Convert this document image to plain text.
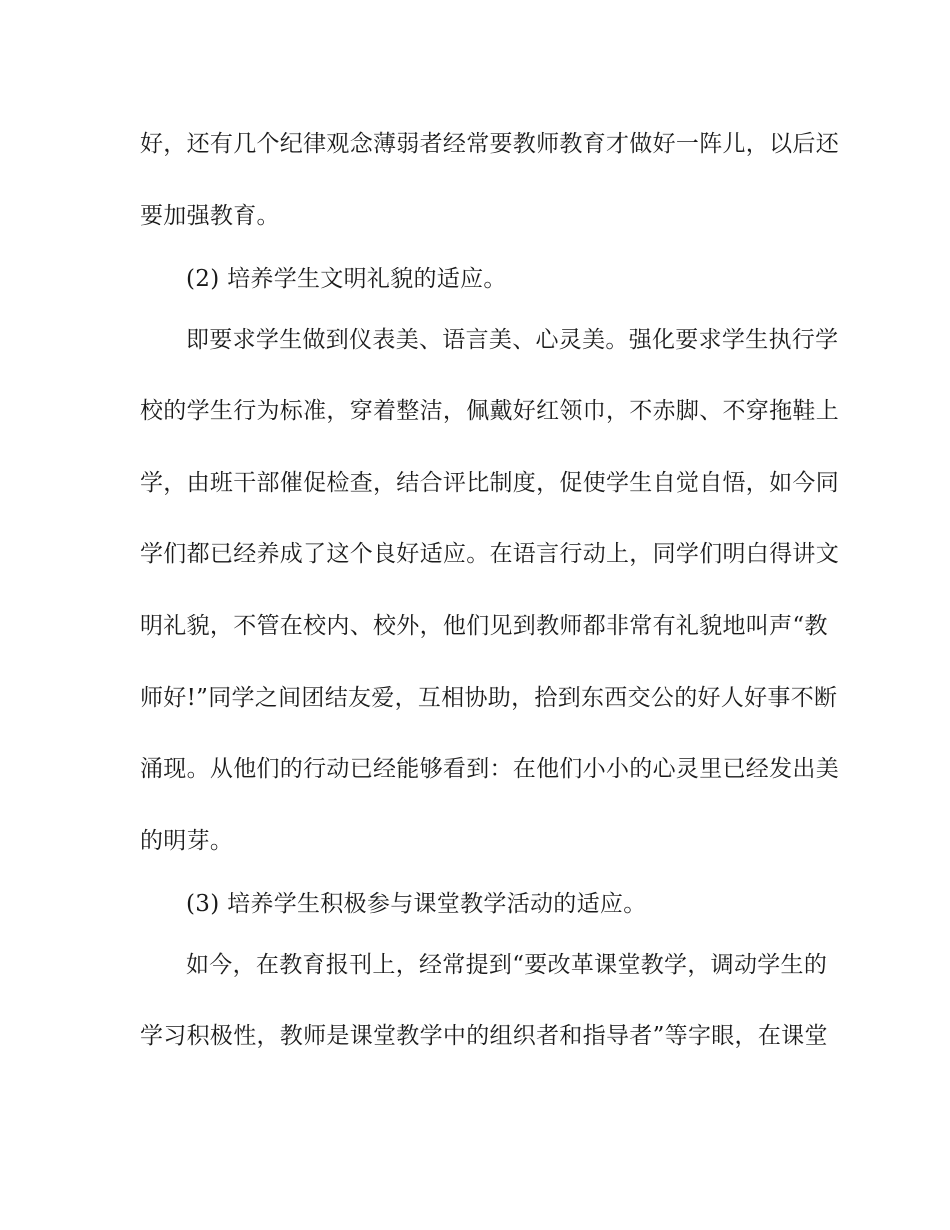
好，还有几个纪律观念薄弱者经常要教师教育才做好一阵儿，以后还
要加强教育。
(2) 培养学生文明礼貌的适应。
即要求学生做到仪表美、语言美、心灵美。强化要求学生执行学
校的学生行为标准，穿着整洁，佩戴好红领巾，不赤脚、不穿拖鞋上
学，由班干部催促检查，结合评比制度，促使学生自觉自悟，如今同
学们都已经养成了这个良好适应。在语言行动上，同学们明白得讲文
明礼貌，不管在校内、校外，他们见到教师都非常有礼貌地叫声“教
师好!”同学之间团结友爱，互相协助，拾到东西交公的好人好事不断
涌现。从他们的行动已经能够看到：在他们小小的心灵里已经发出美
的明芽。
(3) 培养学生积极参与课堂教学活动的适应。
如今，在教育报刊上，经常提到“要改革课堂教学，调动学生的
学习积极性，教师是课堂教学中的组织者和指导者”等字眼，在课堂
